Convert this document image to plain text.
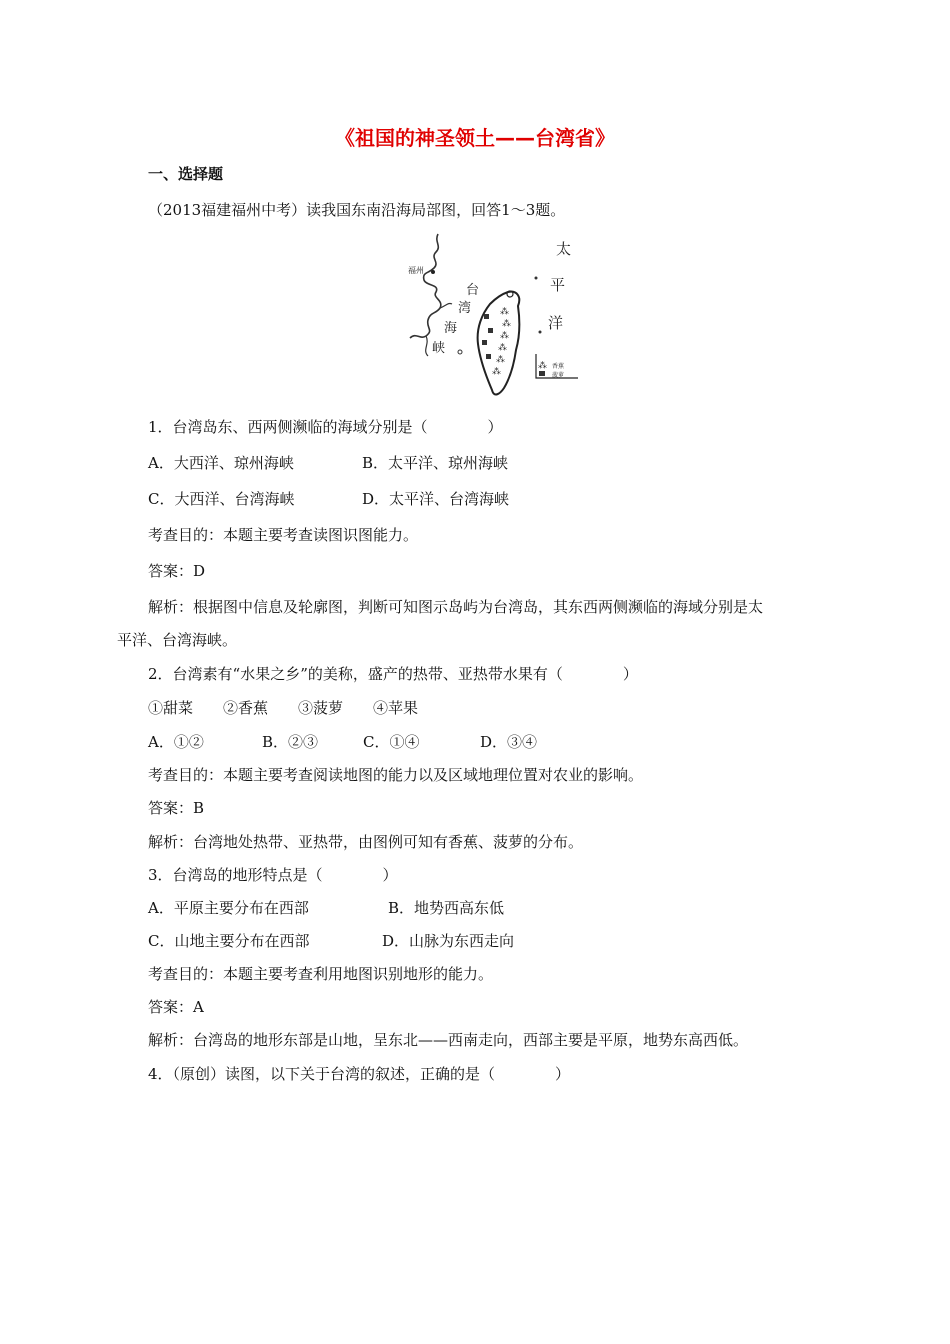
《祖国的神圣领土——台湾省》
一、选择题
（2013福建福州中考）读我国东南沿海局部图，回答1～3题。
福州
⁂
⁂
⁂
⁂
⁂
⁂
台
湾
海
峡
太
平
洋
⁂ 香蕉
菠萝
1．台湾岛东、西两侧濒临的海域分别是（　　　　）
A．大西洋、琼州海峡	B．太平洋、琼州海峡
C．大西洋、台湾海峡	D．太平洋、台湾海峡
考查目的：本题主要考查读图识图能力。
答案：D
解析：根据图中信息及轮廓图，判断可知图示岛屿为台湾岛，其东西两侧濒临的海域分别是太
平洋、台湾海峡。
2．台湾素有“水果之乡”的美称，盛产的热带、亚热带水果有（　　　　）
①甜菜　　②香蕉　　③菠萝　　④苹果
A．①②	B．②③	C．①④	D．③④
考查目的：本题主要考查阅读地图的能力以及区域地理位置对农业的影响。
答案：B
解析：台湾地处热带、亚热带，由图例可知有香蕉、菠萝的分布。
3．台湾岛的地形特点是（　　　　）
A．平原主要分布在西部	B．地势西高东低
C．山地主要分布在西部	D．山脉为东西走向
考查目的：本题主要考查利用地图识别地形的能力。
答案：A
解析：台湾岛的地形东部是山地，呈东北——西南走向，西部主要是平原，地势东高西低。
4．（原创）读图，以下关于台湾的叙述，正确的是（　　　　）
